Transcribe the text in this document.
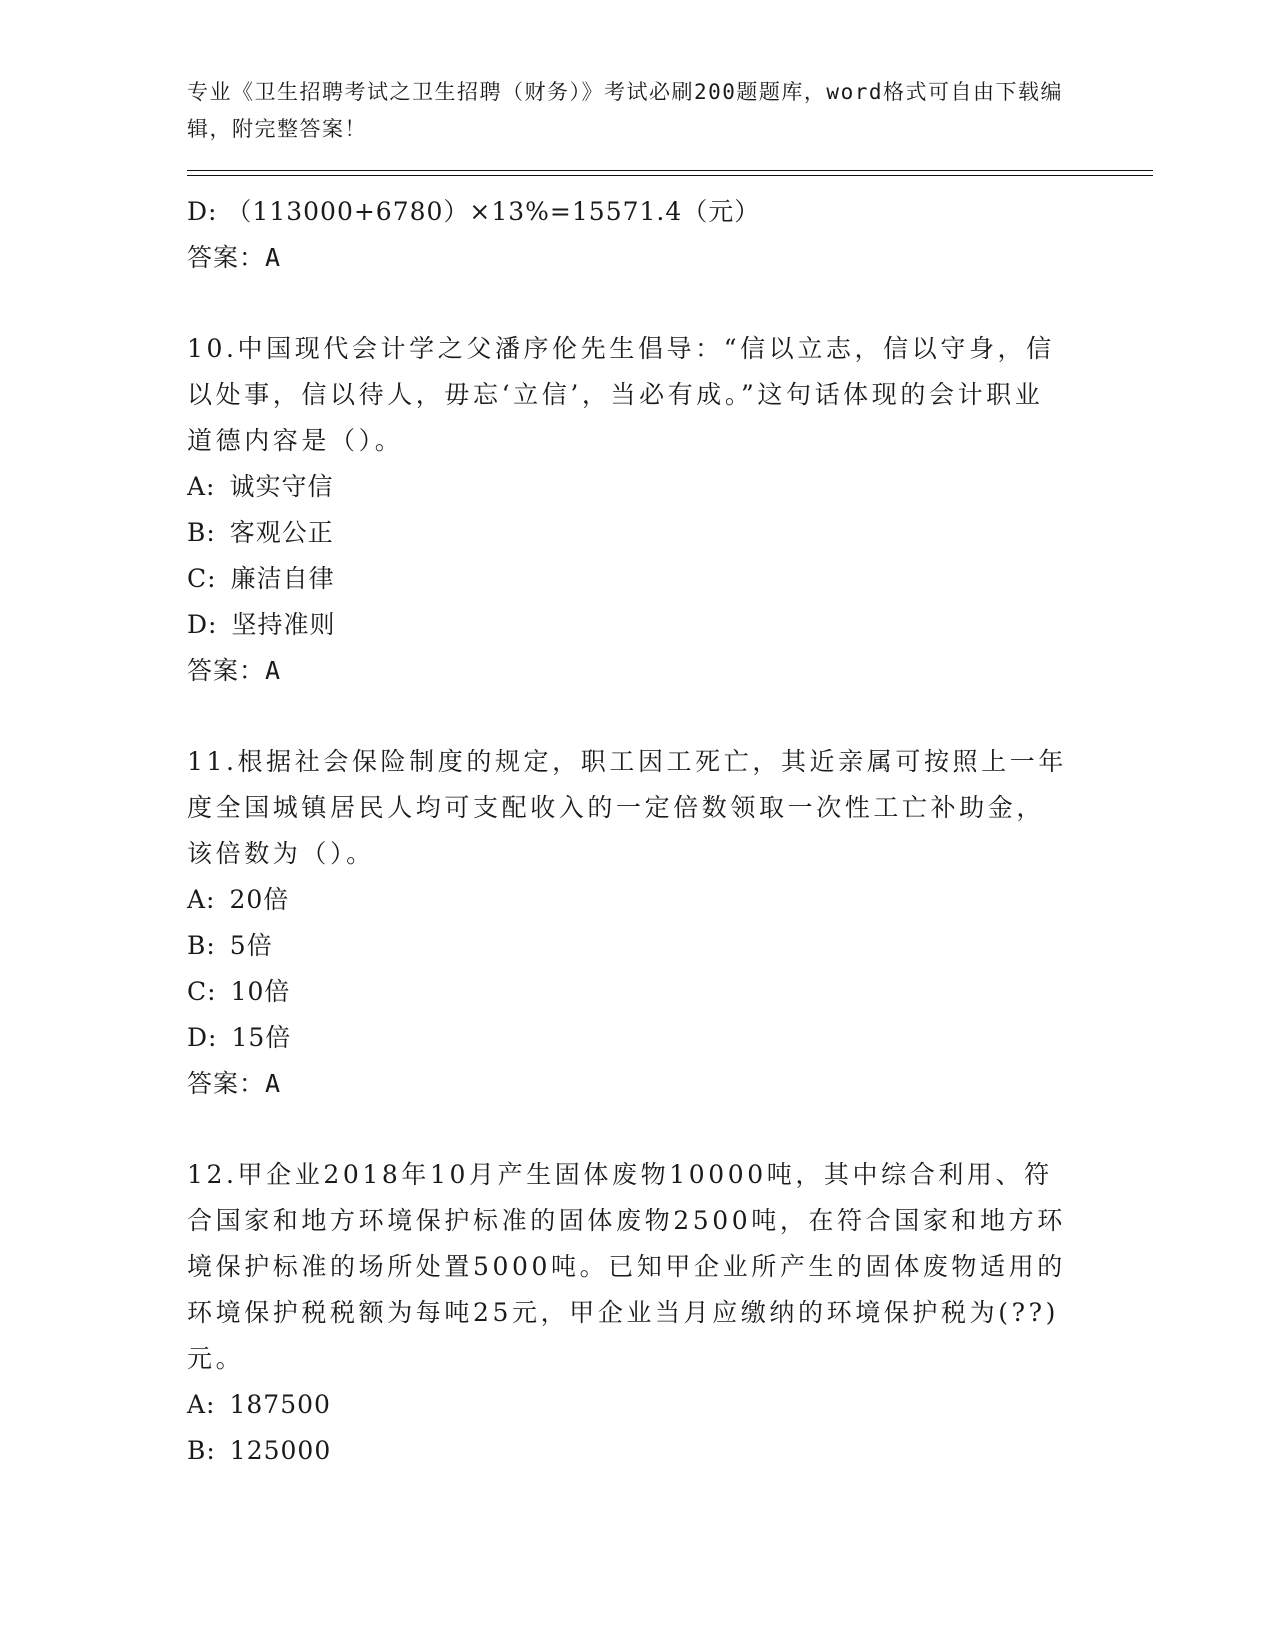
专业《卫生招聘考试之卫生招聘（财务）》考试必刷200题题库，word格式可自由下载编辑，附完整答案！
D: （113000+6780）×13%=15571.4（元）
答案：A
10.中国现代会计学之父潘序伦先生倡导：“信以立志，信以守身，信以处事，信以待人，毋忘‘立信’，当必有成。”这句话体现的会计职业道德内容是（）。
A: 诚实守信
B: 客观公正
C: 廉洁自律
D: 坚持准则
答案：A
11.根据社会保险制度的规定，职工因工死亡，其近亲属可按照上一年度全国城镇居民人均可支配收入的一定倍数领取一次性工亡补助金，该倍数为（）。
A: 20倍
B: 5倍
C: 10倍
D: 15倍
答案：A
12.甲企业2018年10月产生固体废物10000吨，其中综合利用、符合国家和地方环境保护标准的固体废物2500吨，在符合国家和地方环境保护标准的场所处置5000吨。已知甲企业所产生的固体废物适用的环境保护税税额为每吨25元，甲企业当月应缴纳的环境保护税为(??)元。
A: 187500
B: 125000
